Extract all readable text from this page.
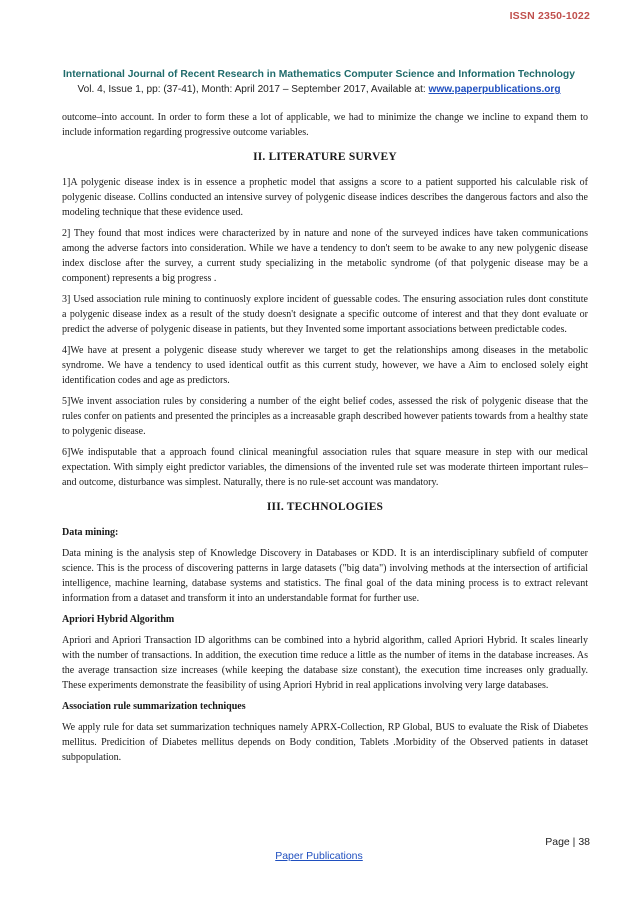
ISSN 2350-1022
International Journal of Recent Research in Mathematics Computer Science and Information Technology
Vol. 4, Issue 1, pp: (37-41), Month: April 2017 – September 2017, Available at: www.paperpublications.org

outcome–into account. In order to form these a lot of applicable, we had to minimize the change we incline to expand them to include information regarding progressive outcome variables.

II. LITERATURE SURVEY

1]A polygenic disease index is in essence a prophetic model that assigns a score to a patient supported his calculable risk of polygenic disease. Collins conducted an intensive survey of polygenic disease indices describes the dangerous factors and also the modeling technique that these evidence used.

2] They found that most indices were characterized by in nature and none of the surveyed indices have taken communications among the adverse factors into consideration. While we have a tendency to don't seem to be awake to any new polygenic disease index disclose after the survey, a current study specializing in the metabolic syndrome (of that polygenic disease may be a component) represents a big progress .

3] Used association rule mining to continuosly explore incident of guessable codes. The ensuring association rules dont constitute a polygenic disease index as a result of the study doesn't designate a specific outcome of interest and that they dont evaluate or predict the adverse of polygenic disease in patients, but they Invented some important associations between predictable codes.

4]We have at present a polygenic disease study wherever we target to get the relationships among diseases in the metabolic syndrome. We have a tendency to used identical outfit as this current study, however, we have a Aim to enclosed solely eight identification codes and age as predictors.

5]We invent association rules by considering a number of the eight belief codes, assessed the risk of polygenic disease that the rules confer on patients and presented the principles as a increasable graph described however patients towards from a healthy state to polygenic disease.

6]We indisputable that a approach found clinical meaningful association rules that square measure in step with our medical expectation. With simply eight predictor variables, the dimensions of the invented rule set was moderate thirteen important rules– and outcome, disturbance was simplest. Naturally, there is no rule-set account was mandatory.

III. TECHNOLOGIES
Data mining:

Data mining is the analysis step of Knowledge Discovery in Databases or KDD. It is an interdisciplinary subfield of computer science. This is the process of discovering patterns in large datasets ("big data") involving methods at the intersection of artificial intelligence, machine learning, database systems and statistics. The final goal of the data mining process is to extract relevant information from a dataset and transform it into an understandable format for further use.

Apriori Hybrid Algorithm

Apriori and Apriori Transaction ID algorithms can be combined into a hybrid algorithm, called Apriori Hybrid. It scales linearly with the number of transactions. In addition, the execution time reduce a little as the number of items in the database increases. As the average transaction size increases (while keeping the database size constant), the execution time increases only gradually. These experiments demonstrate the feasibility of using Apriori Hybrid in real applications involving very large databases.

Association rule summarization techniques

We apply rule for data set summarization techniques namely APRX-Collection, RP Global, BUS to evaluate the Risk of Diabetes mellitus. Predicition of Diabetes mellitus depends on Body condition, Tablets .Morbidity of the Observed patients in dataset subpopulation.

Page | 38
Paper Publications
